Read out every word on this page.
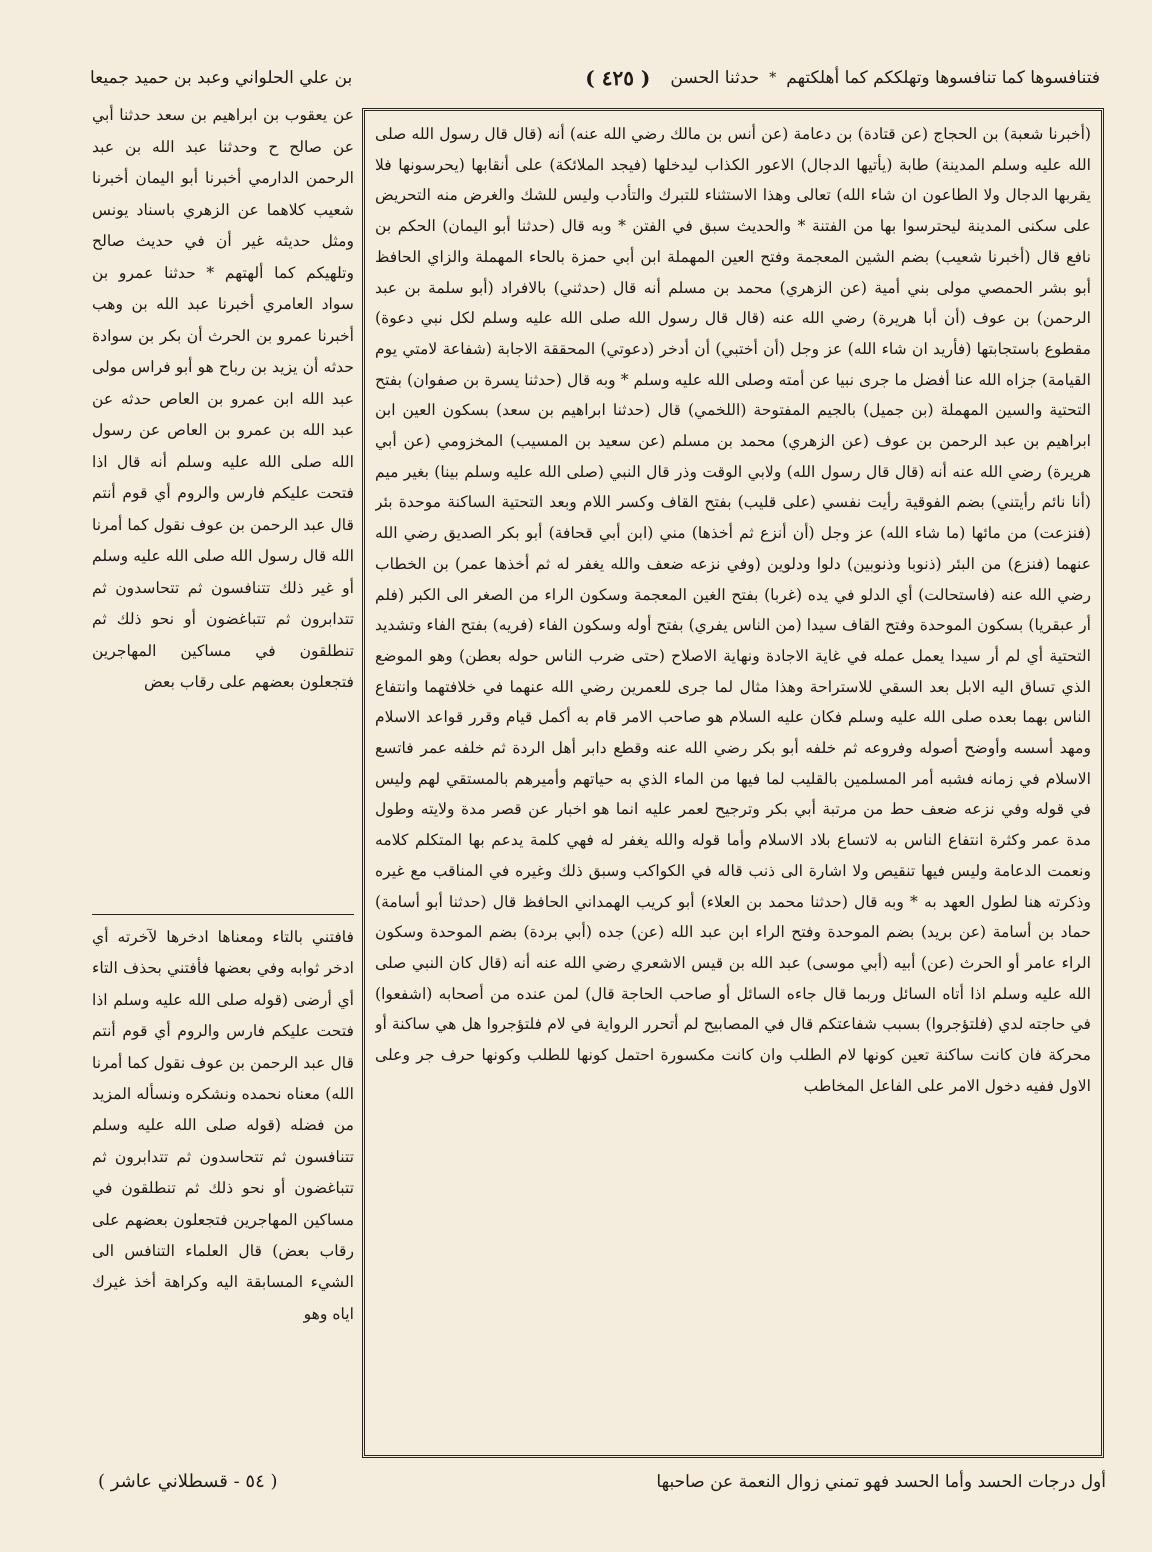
فتنافسوها كما تنافسوها وتهلككم كما أهلكتهم
*
حدثنا الحسن
( ٤٢٥ )
بن علي الحلواني وعبد بن حميد جميعا
(أخبرنا شعبة) بن الحجاج (عن قتادة) بن دعامة (عن أنس بن مالك رضي الله عنه) أنه (قال قال رسول الله صلى الله عليه وسلم المدينة) طابة (يأتيها الدجال) الاعور الكذاب ليدخلها (فيجد الملائكة) على أنقابها (يحرسونها فلا يقربها الدجال ولا الطاعون ان شاء الله) تعالى وهذا الاستثناء للتبرك والتأدب وليس للشك والغرض منه التحريض على سكنى المدينة ليحترسوا بها من الفتنة * والحديث سبق في الفتن * وبه قال (حدثنا أبو اليمان) الحكم بن نافع قال (أخبرنا شعيب) بضم الشين المعجمة وفتح العين المهملة ابن أبي حمزة بالحاء المهملة والزاي الحافظ أبو بشر الحمصي مولى بني أمية (عن الزهري) محمد بن مسلم أنه قال (حدثني) بالافراد (أبو سلمة بن عبد الرحمن) بن عوف (أن أبا هريرة) رضي الله عنه (قال قال رسول الله صلى الله عليه وسلم لكل نبي دعوة) مقطوع باستجابتها (فأريد ان شاء الله) عز وجل (أن أختبي) أن أدخر (دعوتي) المحققة الاجابة (شفاعة لامتي يوم القيامة) جزاه الله عنا أفضل ما جرى نبيا عن أمته وصلى الله عليه وسلم * وبه قال (حدثنا يسرة بن صفوان) بفتح التحتية والسين المهملة (بن جميل) بالجيم المفتوحة (اللخمي) قال (حدثنا ابراهيم بن سعد) بسكون العين ابن ابراهيم بن عبد الرحمن بن عوف (عن الزهري) محمد بن مسلم (عن سعيد بن المسيب) المخزومي (عن أبي هريرة) رضي الله عنه أنه (قال قال رسول الله) ولابي الوقت وذر قال النبي (صلى الله عليه وسلم بينا) بغير ميم (أنا نائم رأيتني) بضم الفوقية رأيت نفسي (على قليب) بفتح القاف وكسر اللام وبعد التحتية الساكنة موحدة بئر (فنزعت) من مائها (ما شاء الله) عز وجل (أن أنزع ثم أخذها) مني (ابن أبي قحافة) أبو بكر الصديق رضي الله عنهما (فنزع) من البئر (ذنوبا وذنوبين) دلوا ودلوين (وفي نزعه ضعف والله يغفر له ثم أخذها عمر) بن الخطاب رضي الله عنه (فاستحالت) أي الدلو في يده (غربا) بفتح الغين المعجمة وسكون الراء من الصغر الى الكبر (فلم أر عبقريا) بسكون الموحدة وفتح القاف سيدا (من الناس يفري) بفتح أوله وسكون الفاء (فريه) بفتح الفاء وتشديد التحتية أي لم أر سيدا يعمل عمله في غاية الاجادة ونهاية الاصلاح (حتى ضرب الناس حوله بعطن) وهو الموضع الذي تساق اليه الابل بعد السقي للاستراحة وهذا مثال لما جرى للعمرين رضي الله عنهما في خلافتهما وانتفاع الناس بهما بعده صلى الله عليه وسلم فكان عليه السلام هو صاحب الامر قام به أكمل قيام وقرر قواعد الاسلام ومهد أسسه وأوضح أصوله وفروعه ثم خلفه أبو بكر رضي الله عنه وقطع دابر أهل الردة ثم خلفه عمر فاتسع الاسلام في زمانه فشبه أمر المسلمين بالقليب لما فيها من الماء الذي به حياتهم وأميرهم بالمستقي لهم وليس في قوله وفي نزعه ضعف حط من مرتبة أبي بكر وترجيح لعمر عليه انما هو اخبار عن قصر مدة ولايته وطول مدة عمر وكثرة انتفاع الناس به لاتساع بلاد الاسلام وأما قوله والله يغفر له فهي كلمة يدعم بها المتكلم كلامه ونعمت الدعامة وليس فيها تنقيص ولا اشارة الى ذنب قاله في الكواكب وسبق ذلك وغيره في المناقب مع غيره وذكرته هنا لطول العهد به * وبه قال (حدثنا محمد بن العلاء) أبو كريب الهمداني الحافظ قال (حدثنا أبو أسامة) حماد بن أسامة (عن بريد) بضم الموحدة وفتح الراء ابن عبد الله (عن) جده (أبي بردة) بضم الموحدة وسكون الراء عامر أو الحرث (عن) أبيه (أبي موسى) عبد الله بن قيس الاشعري رضي الله عنه أنه (قال كان النبي صلى الله عليه وسلم اذا أتاه السائل وربما قال جاءه السائل أو صاحب الحاجة قال) لمن عنده من أصحابه (اشفعوا) في حاجته لدي (فلتؤجروا) بسبب شفاعتكم قال في المصابيح لم أتحرر الرواية في لام فلتؤجروا هل هي ساكنة أو محركة فان كانت ساكنة تعين كونها لام الطلب وان كانت مكسورة احتمل كونها للطلب وكونها حرف جر وعلى الاول ففيه دخول الامر على الفاعل المخاطب
عن يعقوب بن ابراهيم بن سعد حدثنا أبي عن صالح ح وحدثنا عبد الله بن عبد الرحمن الدارمي أخبرنا أبو اليمان أخبرنا شعيب كلاهما عن الزهري باسناد يونس ومثل حديثه غير أن في حديث صالح وتلهيكم كما ألهتهم * حدثنا عمرو بن سواد العامري أخبرنا عبد الله بن وهب أخبرنا عمرو بن الحرث أن بكر بن سوادة حدثه أن يزيد بن رباح هو أبو فراس مولى عبد الله ابن عمرو بن العاص حدثه عن عبد الله بن عمرو بن العاص عن رسول الله صلى الله عليه وسلم أنه قال اذا فتحت عليكم فارس والروم أي قوم أنتم قال عبد الرحمن بن عوف نقول كما أمرنا الله قال رسول الله صلى الله عليه وسلم أو غير ذلك تتنافسون ثم تتحاسدون ثم تتدابرون ثم تتباغضون أو نحو ذلك ثم تنطلقون في مساكين المهاجرين فتجعلون بعضهم على رقاب بعض
فافتني بالتاء ومعناها ادخرها لآخرته أي ادخر ثوابه وفي بعضها فأفتني بحذف التاء أي أرضى (قوله صلى الله عليه وسلم اذا فتحت عليكم فارس والروم أي قوم أنتم قال عبد الرحمن بن عوف نقول كما أمرنا الله) معناه نحمده ونشكره ونسأله المزيد من فضله (قوله صلى الله عليه وسلم تتنافسون ثم تتحاسدون ثم تتدابرون ثم تتباغضون أو نحو ذلك ثم تنطلقون في مساكين المهاجرين فتجعلون بعضهم على رقاب بعض) قال العلماء التنافس الى الشيء المسابقة اليه وكراهة أخذ غيرك اياه وهو
أول درجات الحسد وأما الحسد فهو تمني زوال النعمة عن صاحبها
( ٥٤ - قسطلاني عاشر )
